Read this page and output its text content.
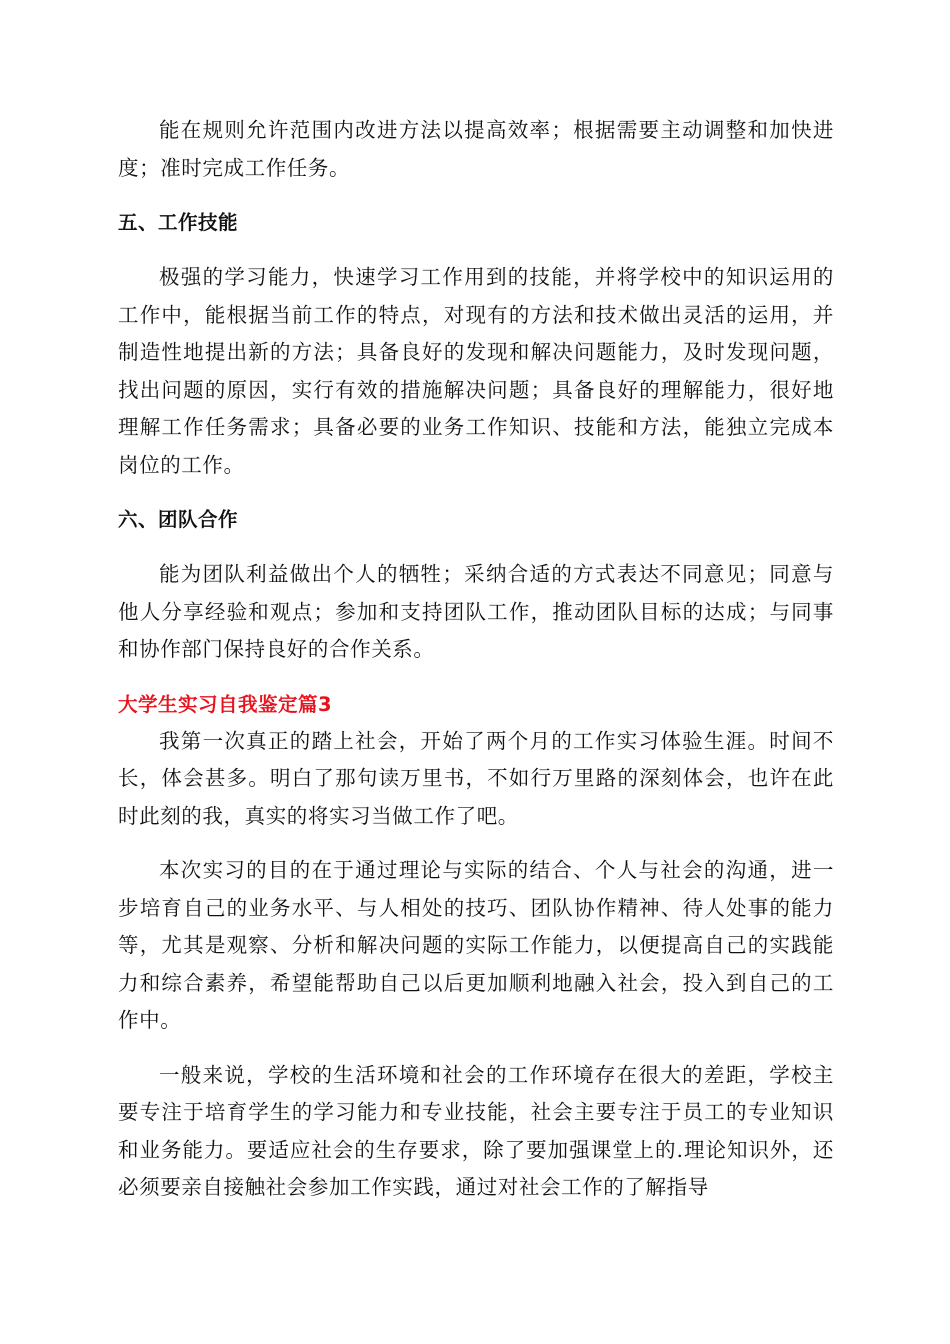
能在规则允许范围内改进方法以提高效率；根据需要主动调整和加快进度；准时完成工作任务。

五、工作技能

极强的学习能力，快速学习工作用到的技能，并将学校中的知识运用的工作中，能根据当前工作的特点，对现有的方法和技术做出灵活的运用，并制造性地提出新的方法；具备良好的发现和解决问题能力，及时发现问题，找出问题的原因，实行有效的措施解决问题；具备良好的理解能力，很好地理解工作任务需求；具备必要的业务工作知识、技能和方法，能独立完成本岗位的工作。

六、团队合作

能为团队利益做出个人的牺牲；采纳合适的方式表达不同意见；同意与他人分享经验和观点；参加和支持团队工作，推动团队目标的达成；与同事和协作部门保持良好的合作关系。

大学生实习自我鉴定篇3

我第一次真正的踏上社会，开始了两个月的工作实习体验生涯。时间不长，体会甚多。明白了那句读万里书，不如行万里路的深刻体会，也许在此时此刻的我，真实的将实习当做工作了吧。

本次实习的目的在于通过理论与实际的结合、个人与社会的沟通，进一步培育自己的业务水平、与人相处的技巧、团队协作精神、待人处事的能力等，尤其是观察、分析和解决问题的实际工作能力，以便提高自己的实践能力和综合素养，希望能帮助自己以后更加顺利地融入社会，投入到自己的工作中。

一般来说，学校的生活环境和社会的工作环境存在很大的差距，学校主要专注于培育学生的学习能力和专业技能，社会主要专注于员工的专业知识和业务能力。要适应社会的生存要求，除了要加强课堂上的.理论知识外，还必须要亲自接触社会参加工作实践，通过对社会工作的了解指导
